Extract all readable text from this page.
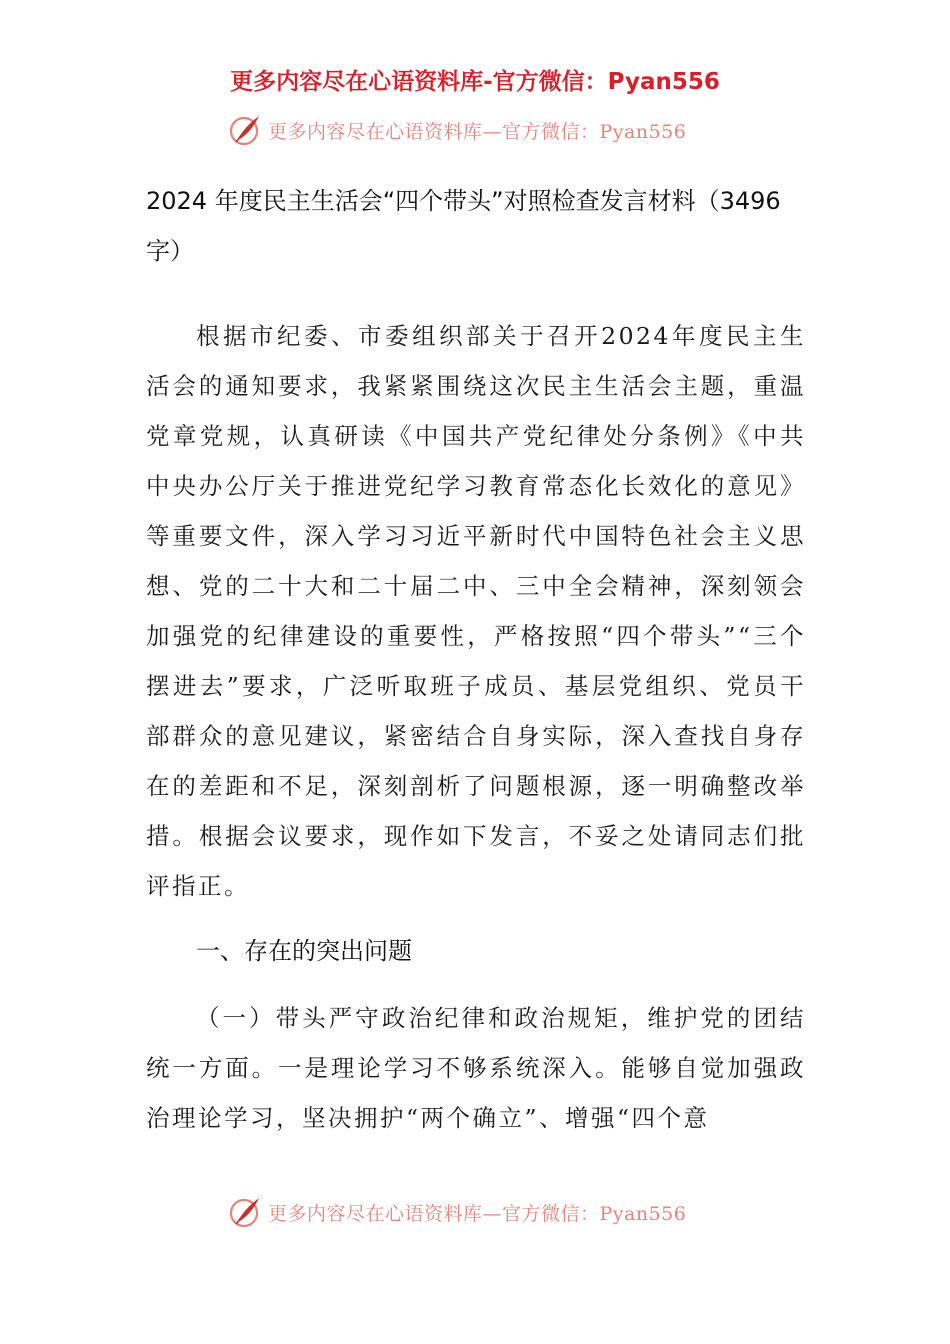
更多内容尽在心语资料库-官方微信：Pyan556
更多内容尽在心语资料库—官方微信：Pyan556
2024 年度民主生活会“四个带头”对照检查发言材料（3496 字）

根据市纪委、市委组织部关于召开2024年度民主生活会的通知要求，我紧紧围绕这次民主生活会主题，重温党章党规，认真研读《中国共产党纪律处分条例》《中共中央办公厅关于推进党纪学习教育常态化长效化的意见》等重要文件，深入学习习近平新时代中国特色社会主义思想、党的二十大和二十届二中、三中全会精神，深刻领会加强党的纪律建设的重要性，严格按照“四个带头”“三个摆进去”要求，广泛听取班子成员、基层党组织、党员干部群众的意见建议，紧密结合自身实际，深入查找自身存在的差距和不足，深刻剖析了问题根源，逐一明确整改举措。根据会议要求，现作如下发言，不妥之处请同志们批评指正。

一、存在的突出问题

（一）带头严守政治纪律和政治规矩，维护党的团结统一方面。一是理论学习不够系统深入。能够自觉加强政治理论学习，坚决拥护“两个确立”、增强“四个意

更多内容尽在心语资料库—官方微信：Pyan556
